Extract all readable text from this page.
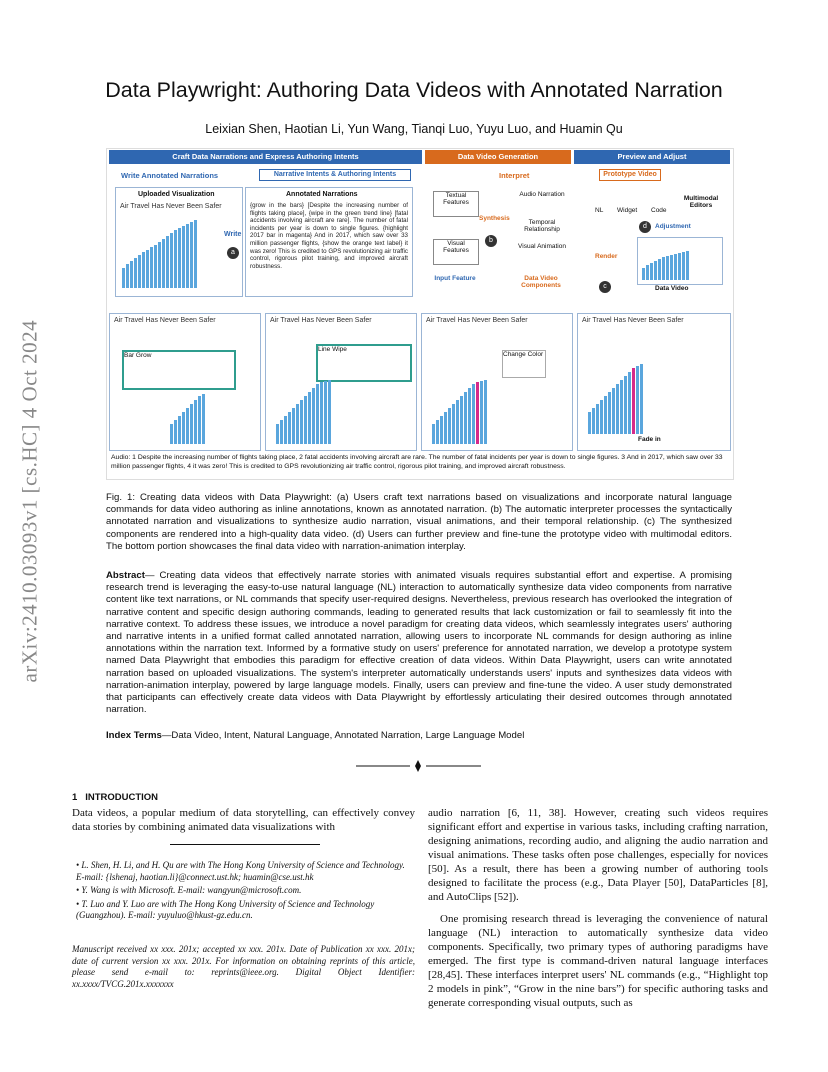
arXiv:2410.03093v1 [cs.HC] 4 Oct 2024
Data Playwright: Authoring Data Videos with Annotated Narration
Leixian Shen, Haotian Li, Yun Wang, Tianqi Luo, Yuyu Luo, and Huamin Qu
Craft Data Narrations and Express Authoring Intents	Data Video Generation	Preview and Adjust
Write Annotated Narrations	Narrative Intents & Authoring Intents	Interpret	Prototype Video
Uploaded Visualization
Air Travel Has Never Been Safer
Write
Annotated Narrations
{grow in the bars} [Despite the increasing number of flights taking place], {wipe in the green trend line} [fatal accidents involving aircraft are rare]. The number of fatal incidents per year is down to single figures. {highlight 2017 bar in magenta} And in 2017, which saw over 33 million passenger flights, {show the orange text label} it was zero! This is credited to GPS revolutionizing air traffic control, rigorous pilot training, and improved aircraft robustness.
Textual Features
Visual Features
Synthesis
Audio Narration
Temporal Relationship
Visual Animation
Input Feature	Data Video Components
b
Render
c
a
NL Widget Code
Multimodal Editors
d	Adjustment
Data Video
Air Travel Has Never Been Safer
Bar Grow
Air Travel Has Never Been Safer
Line Wipe
Air Travel Has Never Been Safer
Change Color
Air Travel Has Never Been Safer
Fade in
Audio: 1 Despite the increasing number of flights taking place, 2 fatal accidents involving aircraft are rare. The number of fatal incidents per year is down to single figures. 3 And in 2017, which saw over 33 million passenger flights, 4 it was zero! This is credited to GPS revolutionizing air traffic control, rigorous pilot training, and improved aircraft robustness.
Fig. 1: Creating data videos with Data Playwright: (a) Users craft text narrations based on visualizations and incorporate natural language commands for data video authoring as inline annotations, known as annotated narration. (b) The automatic interpreter processes the syntactically annotated narration and visualizations to synthesize audio narration, visual animations, and their temporal relationship. (c) The synthesized components are rendered into a high-quality data video. (d) Users can further preview and fine-tune the prototype video with multimodal editors. The bottom portion showcases the final data video with narration-animation interplay.
Abstract— Creating data videos that effectively narrate stories with animated visuals requires substantial effort and expertise. A promising research trend is leveraging the easy-to-use natural language (NL) interaction to automatically synthesize data video components from narrative content like text narrations, or NL commands that specify user-required designs. Nevertheless, previous research has overlooked the integration of narrative content and specific design authoring commands, leading to generated results that lack customization or fail to seamlessly fit into the narrative context. To address these issues, we introduce a novel paradigm for creating data videos, which seamlessly integrates users' authoring and narrative intents in a unified format called annotated narration, allowing users to incorporate NL commands for design authoring as inline annotations within the narration text. Informed by a formative study on users' preference for annotated narration, we develop a prototype system named Data Playwright that embodies this paradigm for effective creation of data videos. Within Data Playwright, users can write annotated narration based on uploaded visualizations. The system's interpreter automatically understands users' inputs and synthesizes data videos with narration-animation interplay, powered by large language models. Finally, users can preview and fine-tune the video. A user study demonstrated that participants can effectively create data videos with Data Playwright by effortlessly articulating their desired outcomes through annotated narration.
Index Terms—Data Video, Intent, Natural Language, Annotated Narration, Large Language Model
1 INTRODUCTION
Data videos, a popular medium of data storytelling, can effectively convey data stories by combining animated data visualizations with
• L. Shen, H. Li, and H. Qu are with The Hong Kong University of Science and Technology. E-mail: {lshenaj, haotian.li}@connect.ust.hk; huamin@cse.ust.hk
• Y. Wang is with Microsoft. E-mail: wangyun@microsoft.com.
• T. Luo and Y. Luo are with The Hong Kong University of Science and Technology (Guangzhou). E-mail: yuyuluo@hkust-gz.edu.cn.
Manuscript received xx xxx. 201x; accepted xx xxx. 201x. Date of Publication xx xxx. 201x; date of current version xx xxx. 201x. For information on obtaining reprints of this article, please send e-mail to: reprints@ieee.org. Digital Object Identifier: xx.xxxx/TVCG.201x.xxxxxxx
audio narration [6, 11, 38]. However, creating such videos requires significant effort and expertise in various tasks, including crafting narration, designing animations, recording audio, and aligning the audio narration and visual animations. These tasks often pose challenges, especially for novices [50]. As a result, there has been a growing number of authoring tools designed to facilitate the process (e.g., Data Player [50], DataParticles [8], and AutoClips [52]).
One promising research thread is leveraging the convenience of natural language (NL) interaction to automatically synthesize data video components. Specifically, two primary types of authoring paradigms have emerged. The first type is command-driven natural language interfaces [28,45]. These interfaces interpret users' NL commands (e.g., “Highlight top 2 models in pink”, “Grow in the nine bars”) for specific authoring tasks and generate corresponding visual outputs, such as
